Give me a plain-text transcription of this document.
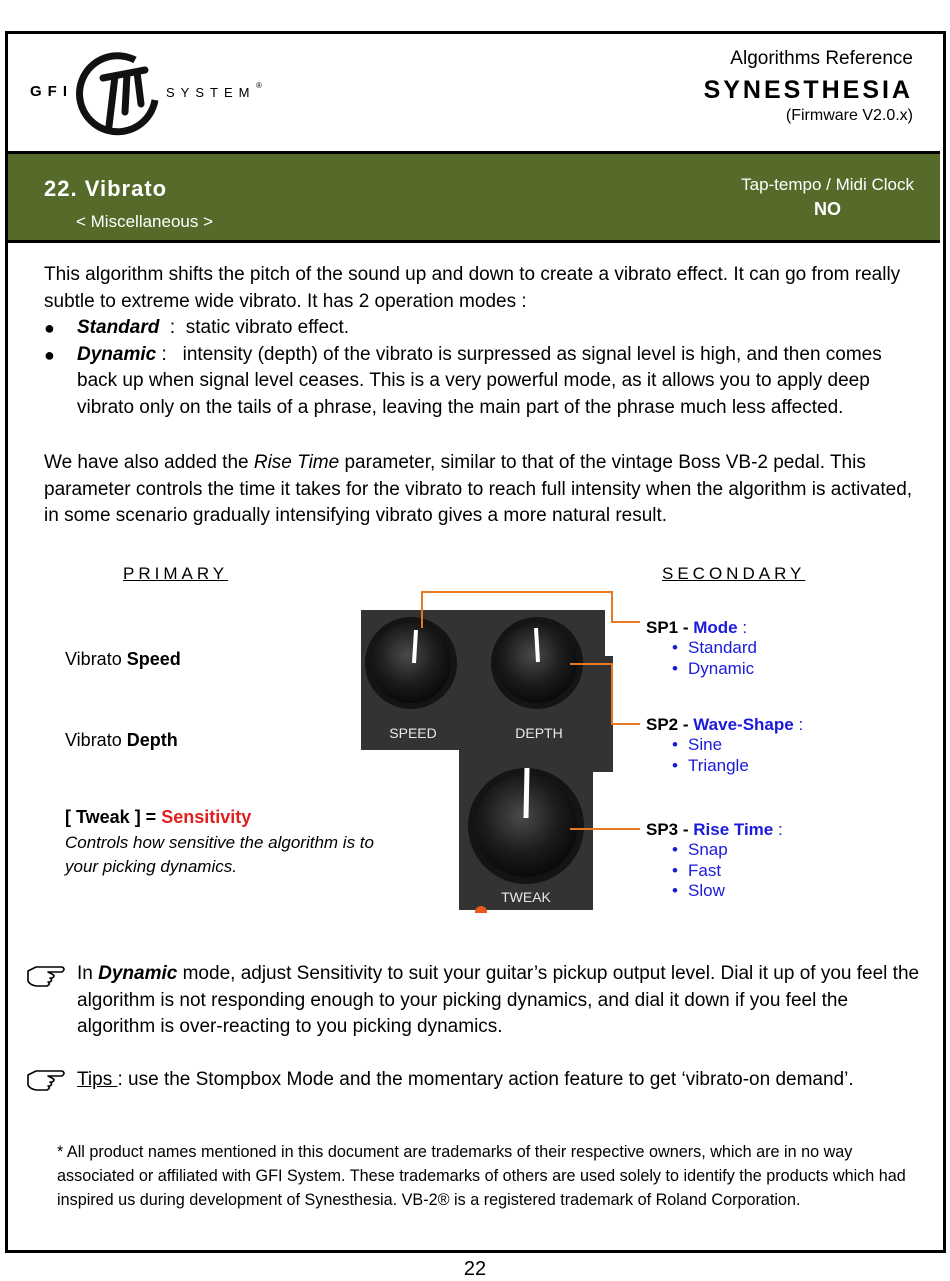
GFI	SYSTEM ®
Algorithms Reference
SYNESTHESIA
(Firmware V2.0.x)
22. Vibrato
< Miscellaneous >
Tap-tempo / Midi Clock
NO
This algorithm shifts the pitch of the sound up and down to create a vibrato effect. It can go from really subtle to extreme wide vibrato. It has 2 operation modes :
● Standard  :  static vibrato effect.
● Dynamic :   intensity (depth) of the vibrato is surpressed as signal level is high, and then comes back up when signal level ceases. This is a very powerful mode, as it allows you to apply deep vibrato only on the tails of a phrase, leaving the main part of the phrase much less affected.
We have also added the Rise Time parameter, similar to that of the vintage Boss VB-2 pedal. This parameter controls the time it takes for the vibrato to reach full intensity when the algorithm is activated, in some scenario gradually intensifying vibrato gives a more natural result.
PRIMARY	SECONDARY
Vibrato Speed
Vibrato Depth
[ Tweak ] = Sensitivity
Controls how sensitive the algorithm is to your picking dynamics.
SPEED	DEPTH
TWEAK
SP1 - Mode :
• Standard
• Dynamic
SP2 - Wave-Shape :
• Sine
• Triangle
SP3 - Rise Time :
• Snap
• Fast
• Slow
In Dynamic mode, adjust Sensitivity to suit your guitar’s pickup output level. Dial it up of you feel the algorithm is not responding enough to your picking dynamics, and dial it down if you feel the algorithm is over-reacting to you picking dynamics.
Tips : use the Stompbox Mode and the momentary action feature to get ‘vibrato-on demand’.
* All product names mentioned in this document are trademarks of their respective owners, which are in no way associated or affiliated with GFI System. These trademarks of others are used solely to identify the products which had inspired us during development of Synesthesia. VB-2® is a registered trademark of Roland Corporation.
22
